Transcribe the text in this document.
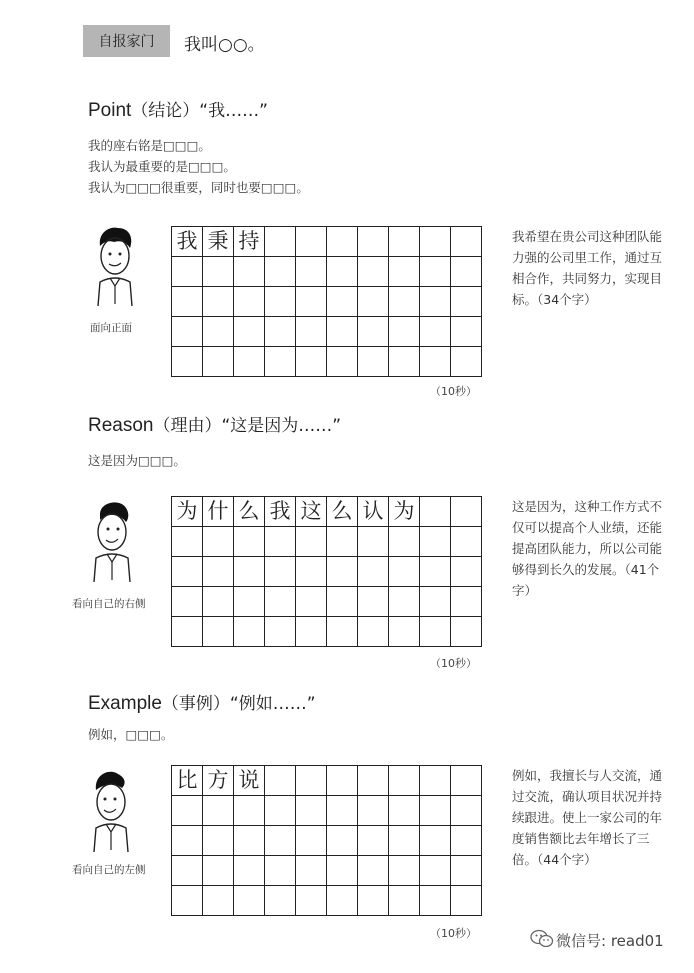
自报家门	我叫○○。
Point（结论）“我……”
我的座右铭是□□□。
我认为最重要的是□□□。
我认为□□□很重要，同时也要□□□。
面向正面
我 秉 持	我希望在贵公司这种团队能力强的公司里工作，通过互相合作，共同努力，实现目标。（34个字）
（10秒）
Reason（理由）“这是因为……”
这是因为□□□。
看向自己的右侧
为 什 么 我 这 么 认 为	这是因为，这种工作方式不仅可以提高个人业绩，还能提高团队能力，所以公司能够得到长久的发展。（41个字）
（10秒）
Example（事例）“例如……”
例如，□□□。
看向自己的左侧
比 方 说	例如，我擅长与人交流，通过交流，确认项目状况并持续跟进。使上一家公司的年度销售额比去年增长了三倍。（44个字）
（10秒）	微信号: read01
